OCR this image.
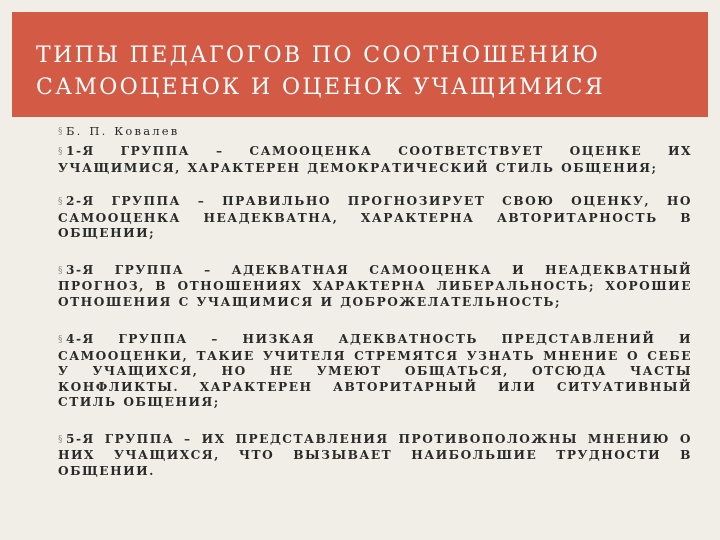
ТИПЫ ПЕДАГОГОВ ПО СООТНОШЕНИЮ
САМООЦЕНОК И ОЦЕНОК УЧАЩИМИСЯ
§ Б. П. Ковалев
§ 1-Я ГРУППА – САМООЦЕНКА СООТВЕТСТВУЕТ ОЦЕНКЕ ИХ УЧАЩИМИСЯ, ХАРАКТЕРЕН ДЕМОКРАТИЧЕСКИЙ СТИЛЬ ОБЩЕНИЯ;
§ 2-Я ГРУППА – ПРАВИЛЬНО ПРОГНОЗИРУЕТ СВОЮ ОЦЕНКУ, НО САМООЦЕНКА НЕАДЕКВАТНА, ХАРАКТЕРНА АВТОРИТАРНОСТЬ В ОБЩЕНИИ;
§ 3-Я ГРУППА – АДЕКВАТНАЯ САМООЦЕНКА И НЕАДЕКВАТНЫЙ ПРОГНОЗ, В ОТНОШЕНИЯХ ХАРАКТЕРНА ЛИБЕРАЛЬНОСТЬ; ХОРОШИЕ ОТНОШЕНИЯ С УЧАЩИМИСЯ И ДОБРОЖЕЛАТЕЛЬНОСТЬ;
§ 4-Я ГРУППА – НИЗКАЯ АДЕКВАТНОСТЬ ПРЕДСТАВЛЕНИЙ И САМООЦЕНКИ, ТАКИЕ УЧИТЕЛЯ СТРЕМЯТСЯ УЗНАТЬ МНЕНИЕ О СЕБЕ У УЧАЩИХСЯ, НО НЕ УМЕЮТ ОБЩАТЬСЯ, ОТСЮДА ЧАСТЫ КОНФЛИКТЫ. ХАРАКТЕРЕН АВТОРИТАРНЫЙ ИЛИ СИТУАТИВНЫЙ СТИЛЬ ОБЩЕНИЯ;
§ 5-Я ГРУППА – ИХ ПРЕДСТАВЛЕНИЯ ПРОТИВОПОЛОЖНЫ МНЕНИЮ О НИХ УЧАЩИХСЯ, ЧТО ВЫЗЫВАЕТ НАИБОЛЬШИЕ ТРУДНОСТИ В ОБЩЕНИИ.
